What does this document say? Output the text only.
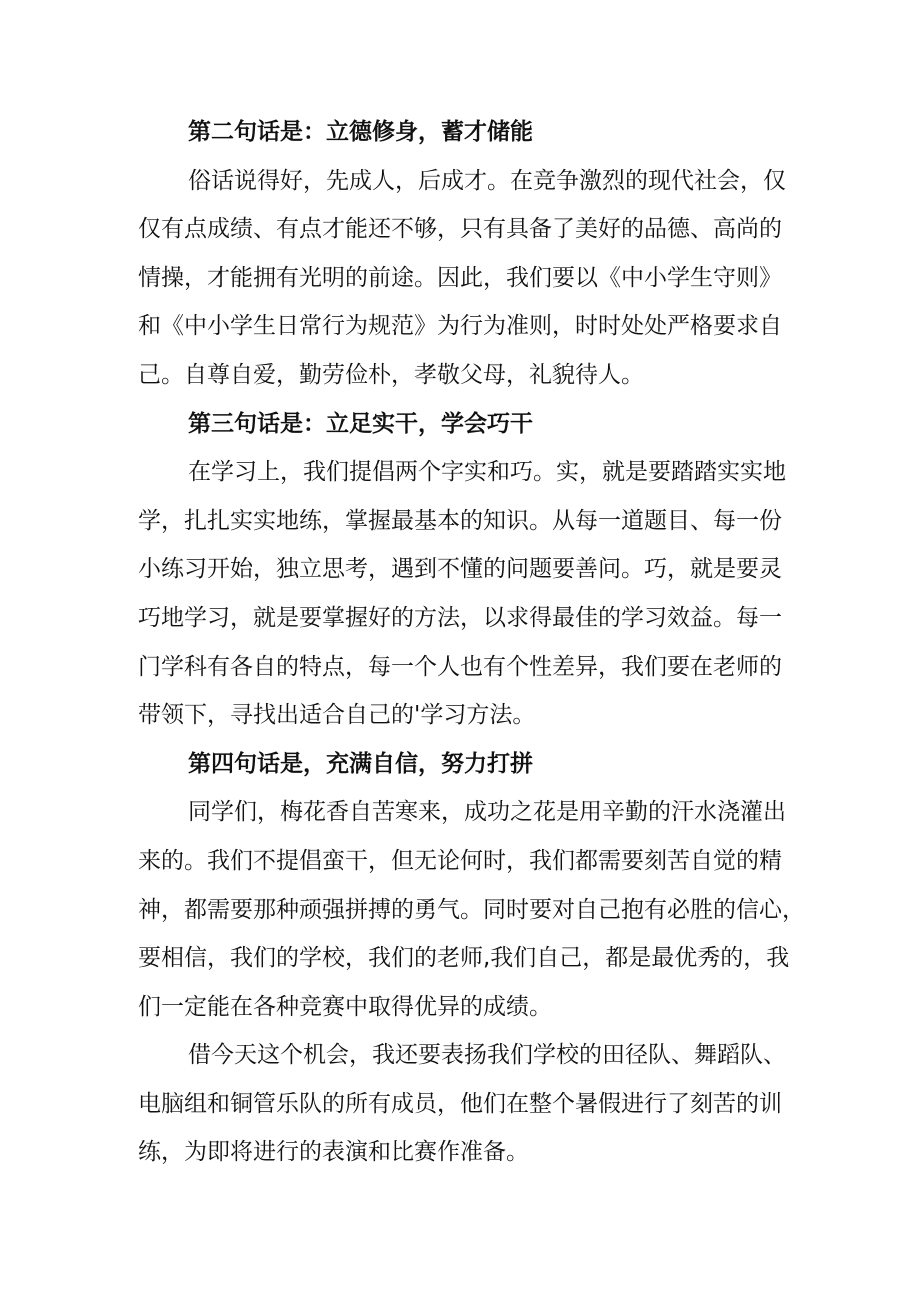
第二句话是：立德修身，蓄才储能
俗话说得好，先成人，后成才。在竞争激烈的现代社会，仅
仅有点成绩、有点才能还不够，只有具备了美好的品德、高尚的
情操，才能拥有光明的前途。因此，我们要以《中小学生守则》
和《中小学生日常行为规范》为行为准则，时时处处严格要求自
己。自尊自爱，勤劳俭朴，孝敬父母，礼貌待人。
第三句话是：立足实干，学会巧干
在学习上，我们提倡两个字实和巧。实，就是要踏踏实实地
学，扎扎实实地练，掌握最基本的知识。从每一道题目、每一份
小练习开始，独立思考，遇到不懂的问题要善问。巧，就是要灵
巧地学习，就是要掌握好的方法，以求得最佳的学习效益。每一
门学科有各自的特点，每一个人也有个性差异，我们要在老师的
带领下，寻找出适合自己的'学习方法。
第四句话是，充满自信，努力打拼
同学们，梅花香自苦寒来，成功之花是用辛勤的汗水浇灌出
来的。我们不提倡蛮干，但无论何时，我们都需要刻苦自觉的精
神，都需要那种顽强拼搏的勇气。同时要对自己抱有必胜的信心，
要相信，我们的学校，我们的老师,我们自己，都是最优秀的，我
们一定能在各种竞赛中取得优异的成绩。
借今天这个机会，我还要表扬我们学校的田径队、舞蹈队、
电脑组和铜管乐队的所有成员，他们在整个暑假进行了刻苦的训
练，为即将进行的表演和比赛作准备。
